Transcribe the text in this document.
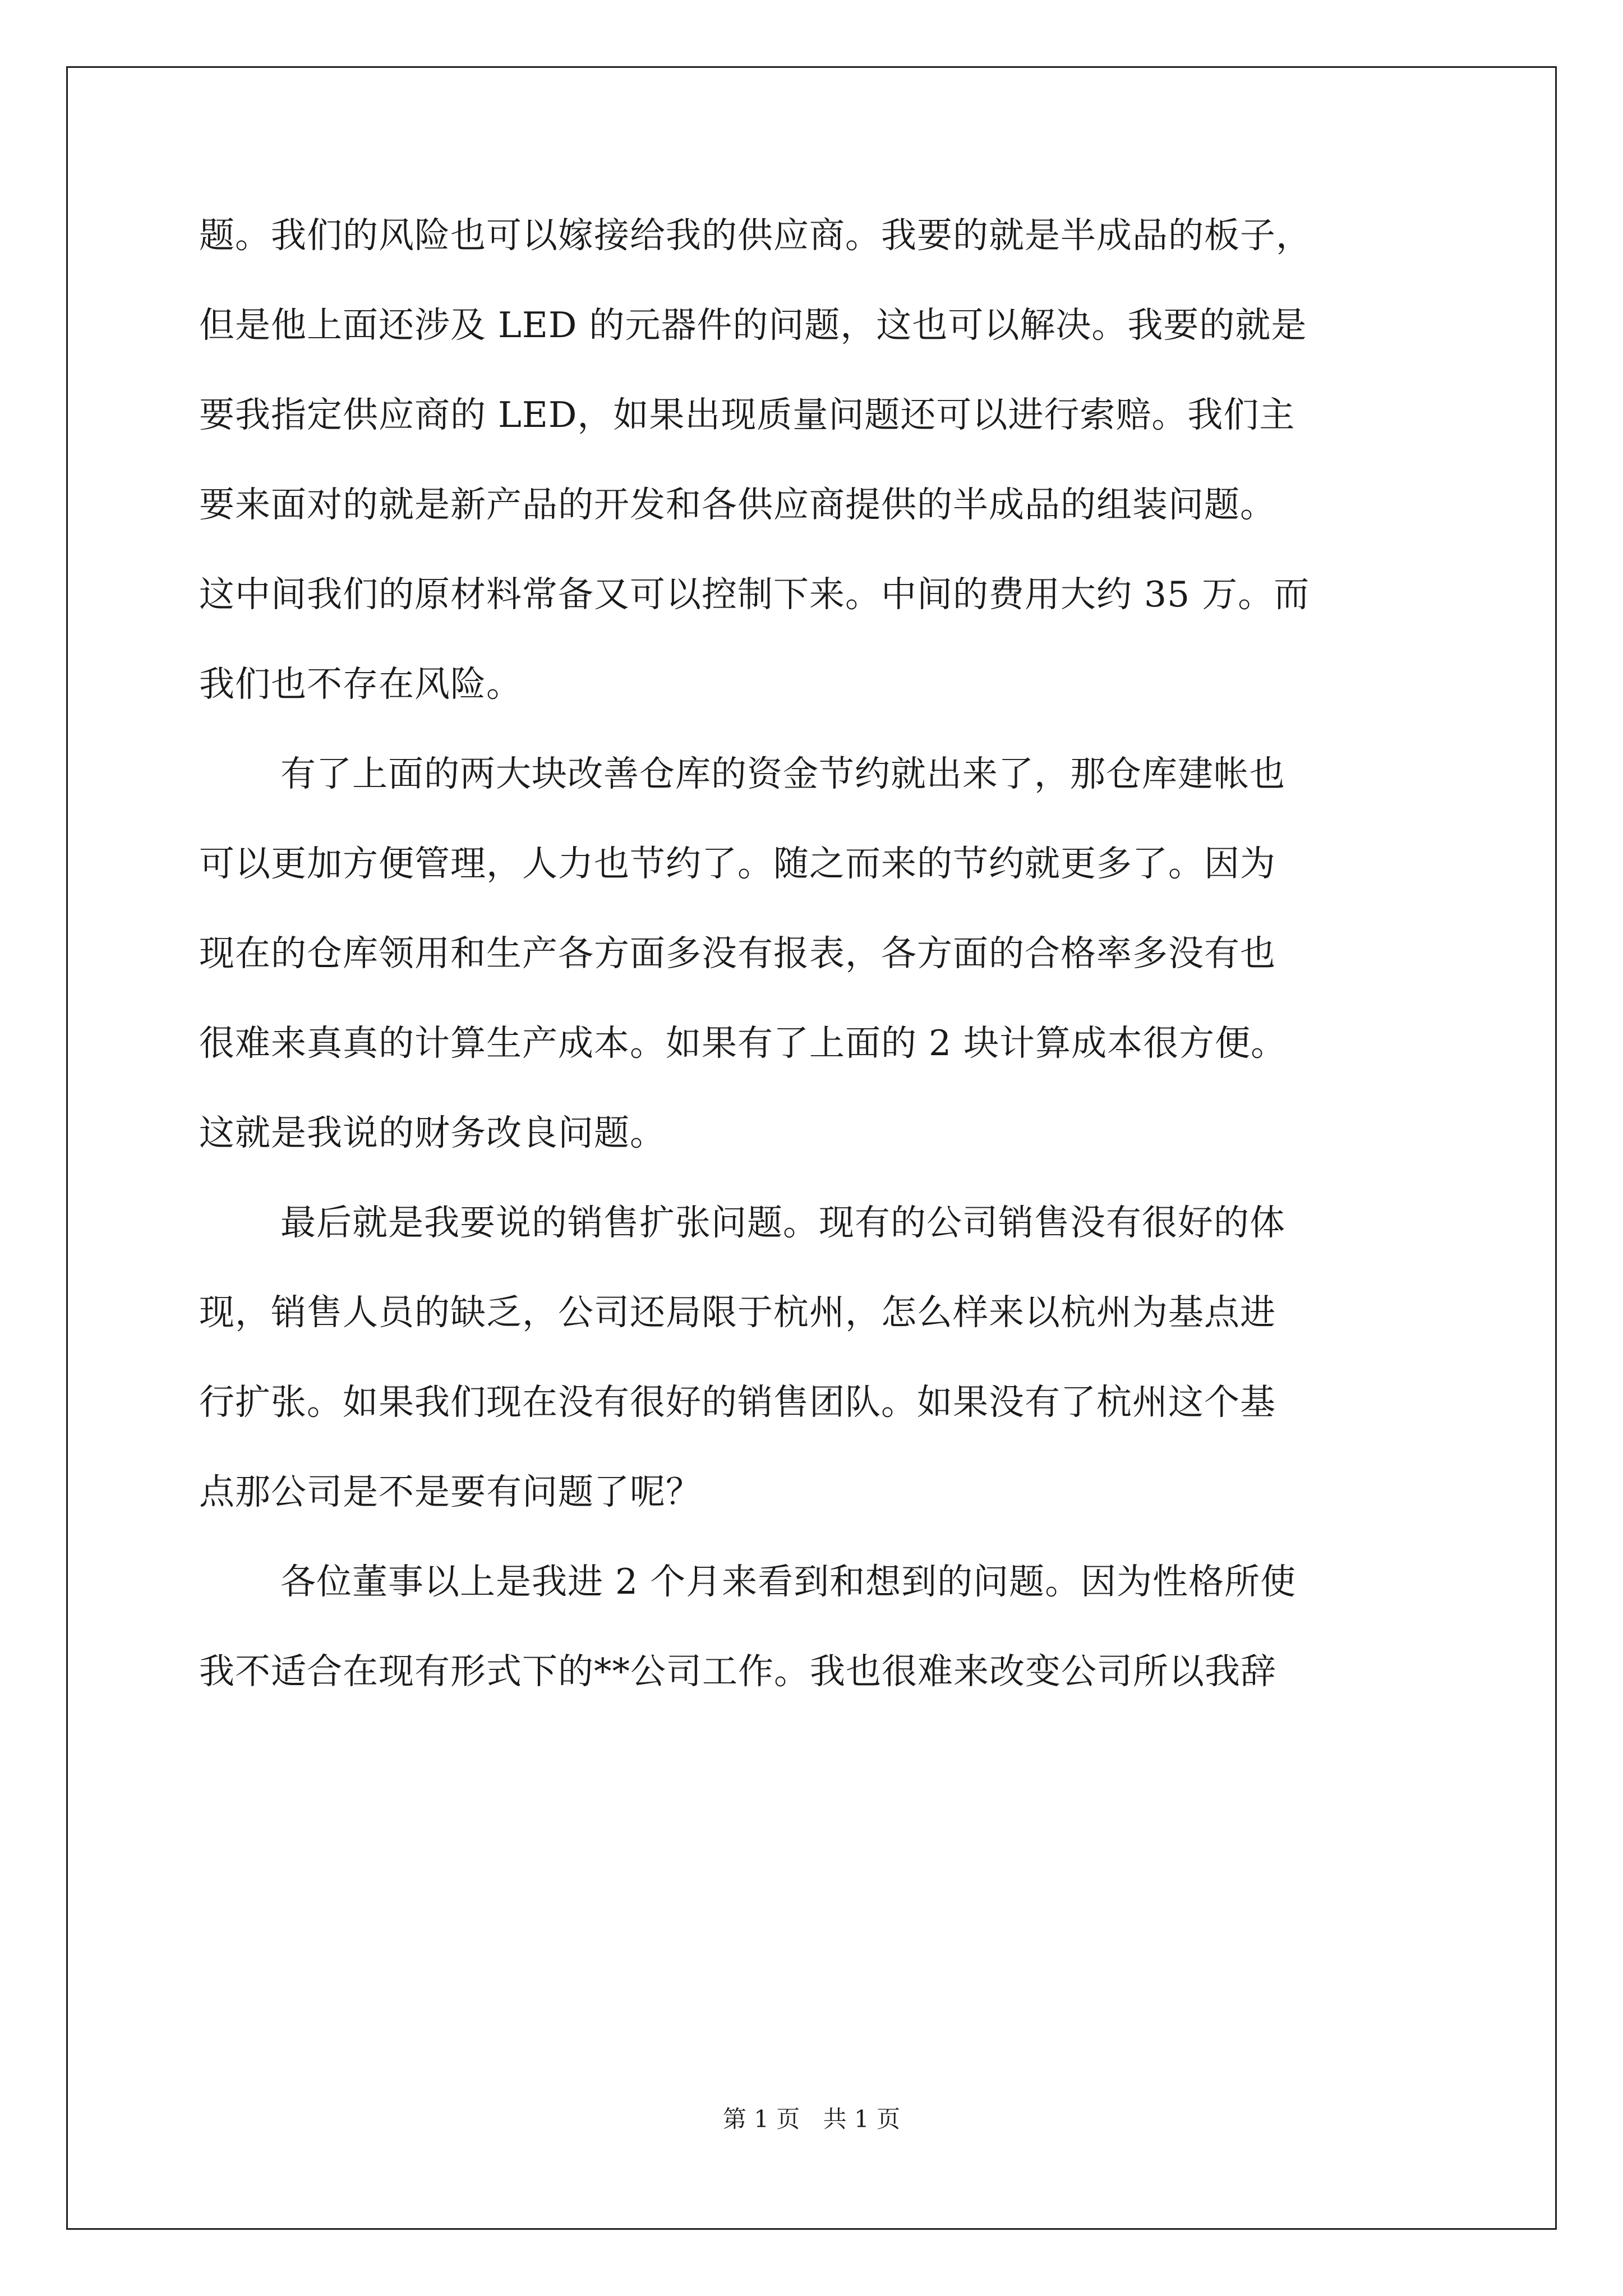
题。我们的风险也可以嫁接给我的供应商。我要的就是半成品的板子，
但是他上面还涉及 LED 的元器件的问题，这也可以解决。我要的就是
要我指定供应商的 LED，如果出现质量问题还可以进行索赔。我们主
要来面对的就是新产品的开发和各供应商提供的半成品的组装问题。
这中间我们的原材料常备又可以控制下来。中间的费用大约 35 万。而
我们也不存在风险。
有了上面的两大块改善仓库的资金节约就出来了，那仓库建帐也
可以更加方便管理，人力也节约了。随之而来的节约就更多了。因为
现在的仓库领用和生产各方面多没有报表，各方面的合格率多没有也
很难来真真的计算生产成本。如果有了上面的 2 块计算成本很方便。
这就是我说的财务改良问题。
最后就是我要说的销售扩张问题。现有的公司销售没有很好的体
现，销售人员的缺乏，公司还局限于杭州，怎么样来以杭州为基点进
行扩张。如果我们现在没有很好的销售团队。如果没有了杭州这个基
点那公司是不是要有问题了呢？
各位董事以上是我进 2 个月来看到和想到的问题。因为性格所使
我不适合在现有形式下的**公司工作。我也很难来改变公司所以我辞
第 1 页 共 1 页
